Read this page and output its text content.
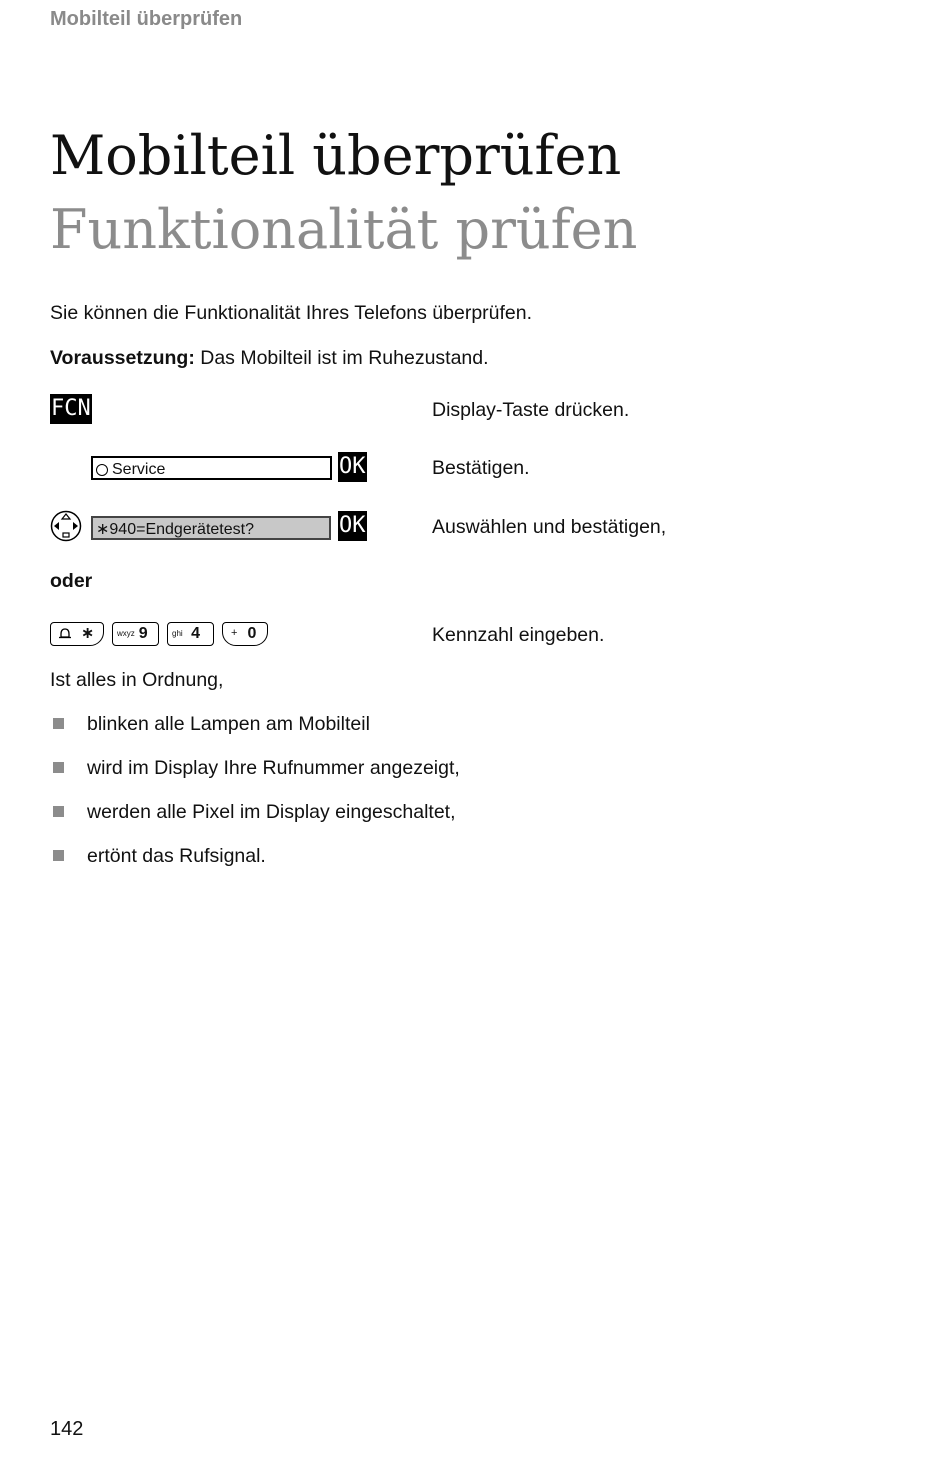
Mobilteil überprüfen
Mobilteil überprüfen
Funktionalität prüfen
Sie können die Funktionalität Ihres Telefons überprüfen.
Voraussetzung: Das Mobilteil ist im Ruhezustand.
FCN	Display-Taste drücken.
Service	OK	Bestätigen.
∗940=Endgerätetest?	OK	Auswählen und bestätigen,
oder
∗	wxyz 9	ghi 4	+ 0	Kennzahl eingeben.
Ist alles in Ordnung,
blinken alle Lampen am Mobilteil
wird im Display Ihre Rufnummer angezeigt,
werden alle Pixel im Display eingeschaltet,
ertönt das Rufsignal.
142
